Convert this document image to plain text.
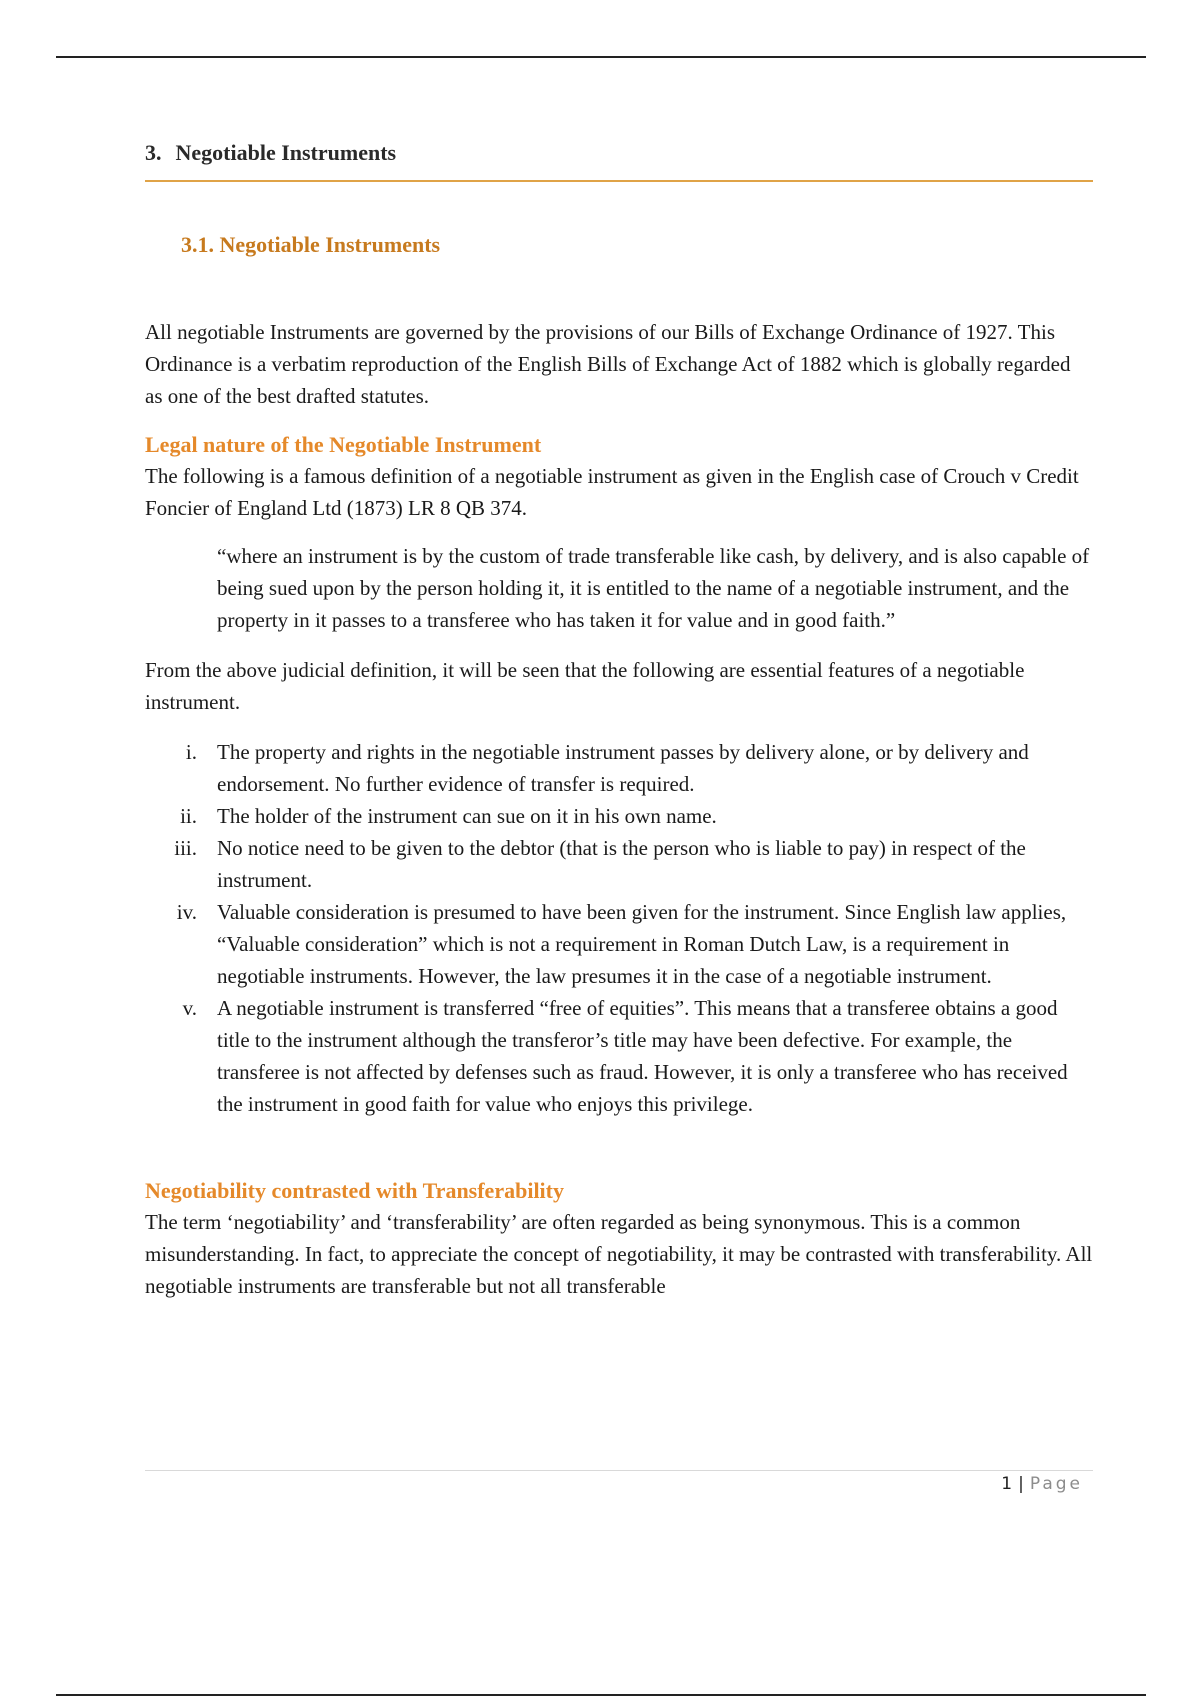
3. Negotiable Instruments
3.1. Negotiable Instruments

All negotiable Instruments are governed by the provisions of our Bills of Exchange Ordinance of 1927. This Ordinance is a verbatim reproduction of the English Bills of Exchange Act of 1882 which is globally regarded as one of the best drafted statutes.

Legal nature of the Negotiable Instrument

The following is a famous definition of a negotiable instrument as given in the English case of Crouch v Credit Foncier of England Ltd (1873) LR 8 QB 374.

“where an instrument is by the custom of trade transferable like cash, by delivery, and is also capable of being sued upon by the person holding it, it is entitled to the name of a negotiable instrument, and the property in it passes to a transferee who has taken it for value and in good faith.”

From the above judicial definition, it will be seen that the following are essential features of a negotiable instrument.

i. The property and rights in the negotiable instrument passes by delivery alone, or by delivery and endorsement. No further evidence of transfer is required.
ii. The holder of the instrument can sue on it in his own name.
iii. No notice need to be given to the debtor (that is the person who is liable to pay) in respect of the instrument.
iv. Valuable consideration is presumed to have been given for the instrument. Since English law applies, “Valuable consideration” which is not a requirement in Roman Dutch Law, is a requirement in negotiable instruments. However, the law presumes it in the case of a negotiable instrument.
v. A negotiable instrument is transferred “free of equities”. This means that a transferee obtains a good title to the instrument although the transferor’s title may have been defective. For example, the transferee is not affected by defenses such as fraud. However, it is only a transferee who has received the instrument in good faith for value who enjoys this privilege.
Negotiability contrasted with Transferability

The term ‘negotiability’ and ‘transferability’ are often regarded as being synonymous. This is a common misunderstanding. In fact, to appreciate the concept of negotiability, it may be contrasted with transferability. All negotiable instruments are transferable but not all transferable

1 | Page
